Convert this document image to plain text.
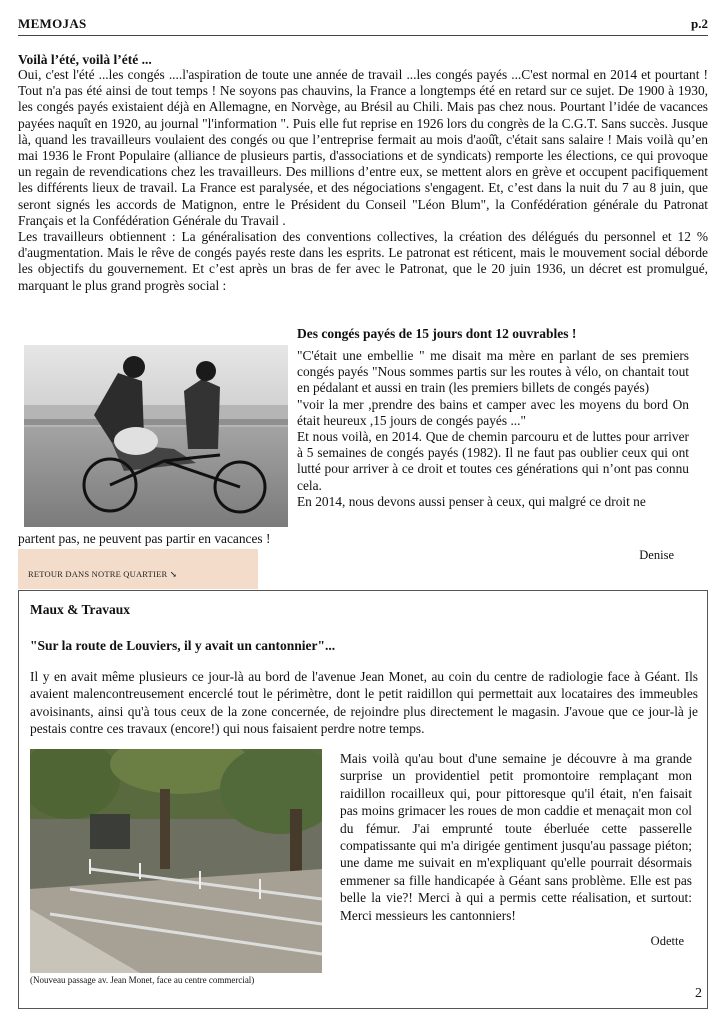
MEMOJAS	p.2
Voilà l’été, voilà l’été ...

Oui, c'est l'été ...les congés ....l'aspiration de toute une année de travail ...les congés payés ...C'est normal en 2014 et pourtant ! Tout n'a pas été ainsi de tout temps ! Ne soyons pas chauvins, la France a longtemps été en retard sur ce sujet. De 1900 à 1930, les congés payés existaient déjà en Allemagne, en Norvège, au Brésil au Chili. Mais pas chez nous. Pourtant l’idée de vacances payées naquît en 1920, au journal "l'information ". Puis elle fut reprise en 1926 lors du congrès de la C.G.T. Sans succès. Jusque là, quand les travailleurs voulaient des congés ou que l’entreprise fermait au mois d'aoû̂t, c'était sans salaire ! Mais voilà qu’en mai 1936 le Front Populaire (alliance de plusieurs partis, d'associations et de syndicats) remporte les élections, ce qui provoque un regain de revendications chez les travailleurs. Des millions d’entre eux, se mettent alors en grève et occupent pacifiquement les différents lieux de travail. La France est paralysée, et des négociations s'engagent. Et, c’est dans la nuit du 7 au 8 juin, que seront signés les accords de Matignon, entre le Président du Conseil "Léon Blum", la Confédération générale du Patronat Français et la Confédération Générale du Travail .

Les travailleurs obtiennent : La généralisation des conventions collectives, la création des délégués du personnel et 12 % d'augmentation. Mais le rêve de congés payés reste dans les esprits. Le patronat est réticent, mais le mouvement social déborde les objectifs du gouvernement. Et c’est après un bras de fer avec le Patronat, que le 20 juin 1936, un décret est promulgué, marquant le plus grand progrès social :

Des congés payés de 15 jours dont 12 ouvrables !

"C'était une embellie " me disait ma mère en parlant de ses premiers congés payés "Nous sommes partis sur les routes à vélo, on chantait tout en pédalant et aussi en train (les premiers billets de congés payés)

"voir la mer ,prendre des bains et camper avec les moyens du bord On était heureux ,15 jours de congés payés ..."

Et nous voilà, en 2014. Que de chemin parcouru et de luttes pour arriver à 5 semaines de congés payés (1982). Il ne faut pas oublier ceux qui ont lutté pour arriver à ce droit et toutes ces générations qui n’ont pas connu cela.

En 2014, nous devons aussi penser à ceux, qui malgré ce droit ne

partent pas, ne peuvent pas partir en vacances !

Denise
RETOUR DANS NOTRE QUARTIER ↘
Maux & Travaux
"Sur la route de Louviers, il y avait un cantonnier"...

Il y en avait même plusieurs ce jour-là au bord de l'avenue Jean Monet, au coin du centre de radiologie face à Géant. Ils avaient malencontreusement encerclé tout le périmètre, dont le petit raidillon qui permettait aux locataires des immeubles avoisinants, ainsi qu'à tous ceux de la zone concernée, de rejoindre plus directement le magasin. J'avoue que ce jour-là je pestais contre ces travaux (encore!) qui nous faisaient perdre notre temps.

(Nouveau passage av. Jean Monet, face au centre commercial)

Mais voilà qu'au bout d'une semaine je découvre à ma grande surprise un providentiel petit promontoire remplaçant mon raidillon rocailleux qui, pour pittoresque qu'il était, n'en faisait pas moins grimacer les roues de mon caddie et menaçait mon col du fémur. J'ai emprunté toute éberluée cette passerelle compatissante qui m'a dirigée gentiment jusqu'au passage piéton; une dame me suivait en m'expliquant qu'elle pourrait désormais emmener sa fille handicapée à Géant sans problème. Elle est pas belle la vie?! Merci à qui a permis cette réalisation, et surtout: Merci messieurs les cantonniers!

Odette
2
